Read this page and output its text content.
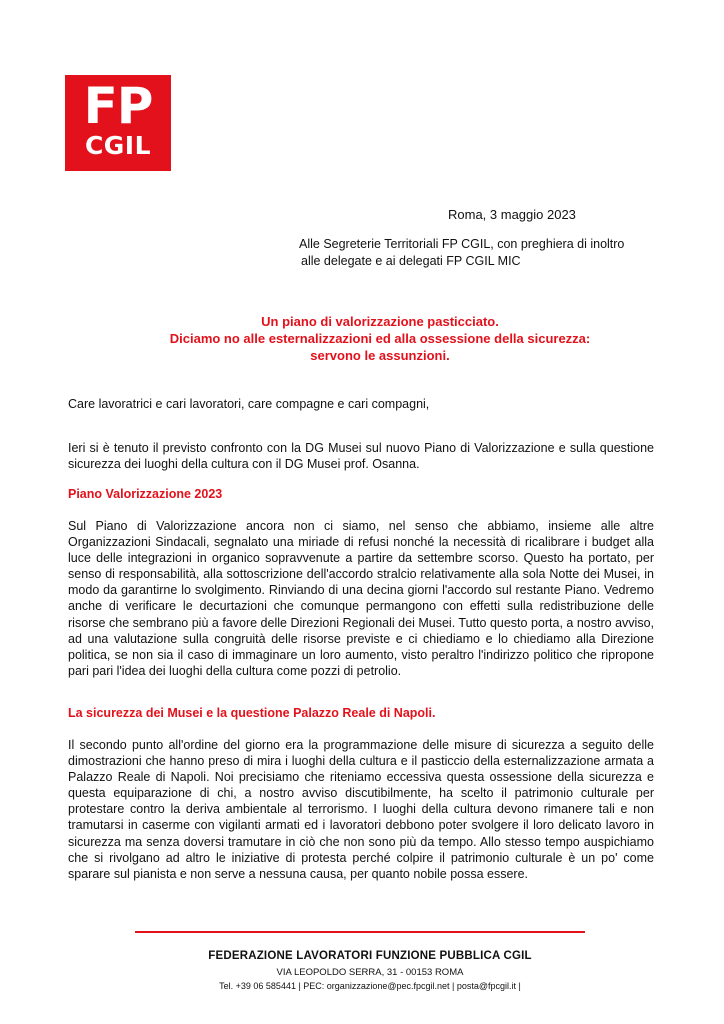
FP
CGIL
Roma, 3 maggio 2023
Alle Segreterie Territoriali FP CGIL, con preghiera di inoltro
alle delegate e ai delegati FP CGIL MIC
Un piano di valorizzazione pasticciato.
Diciamo no alle esternalizzazioni ed alla ossessione della sicurezza:
servono le assunzioni.
Care lavoratrici e cari lavoratori, care compagne e cari compagni,
Ieri si è tenuto il previsto confronto con la DG Musei sul nuovo Piano di Valorizzazione e sulla questione sicurezza dei luoghi della cultura con il DG Musei prof. Osanna.
Piano Valorizzazione 2023
Sul Piano di Valorizzazione ancora non ci siamo, nel senso che abbiamo, insieme alle altre Organizzazioni Sindacali, segnalato una miriade di refusi nonché la necessità di ricalibrare i budget alla luce delle integrazioni in organico sopravvenute a partire da settembre scorso. Questo ha portato, per senso di responsabilità, alla sottoscrizione dell'accordo stralcio relativamente alla sola Notte dei Musei, in modo da garantirne lo svolgimento. Rinviando di una decina giorni l'accordo sul restante Piano. Vedremo anche di verificare le decurtazioni che comunque permangono con effetti sulla redistribuzione delle risorse che sembrano più a favore delle Direzioni Regionali dei Musei. Tutto questo porta, a nostro avviso, ad una valutazione sulla congruità delle risorse previste e ci chiediamo e lo chiediamo alla Direzione politica, se non sia il caso di immaginare un loro aumento, visto peraltro l'indirizzo politico che ripropone pari pari l'idea dei luoghi della cultura come pozzi di petrolio.
La sicurezza dei Musei e la questione Palazzo Reale di Napoli.
Il secondo punto all'ordine del giorno era la programmazione delle misure di sicurezza a seguito delle dimostrazioni che hanno preso di mira i luoghi della cultura e il pasticcio della esternalizzazione armata a Palazzo Reale di Napoli. Noi precisiamo che riteniamo eccessiva questa ossessione della sicurezza e questa equiparazione di chi, a nostro avviso discutibilmente, ha scelto il patrimonio culturale per protestare contro la deriva ambientale al terrorismo. I luoghi della cultura devono rimanere tali e non tramutarsi in caserme con vigilanti armati ed i lavoratori debbono poter svolgere il loro delicato lavoro in sicurezza ma senza doversi tramutare in ciò che non sono più da tempo. Allo stesso tempo auspichiamo che si rivolgano ad altro le iniziative di protesta perché colpire il patrimonio culturale è un po' come sparare sul pianista e non serve a nessuna causa, per quanto nobile possa essere.
FEDERAZIONE LAVORATORI FUNZIONE PUBBLICA CGIL
VIA LEOPOLDO SERRA, 31 - 00153 ROMA
Tel. +39 06 585441 | PEC: organizzazione@pec.fpcgil.net | posta@fpcgil.it |
